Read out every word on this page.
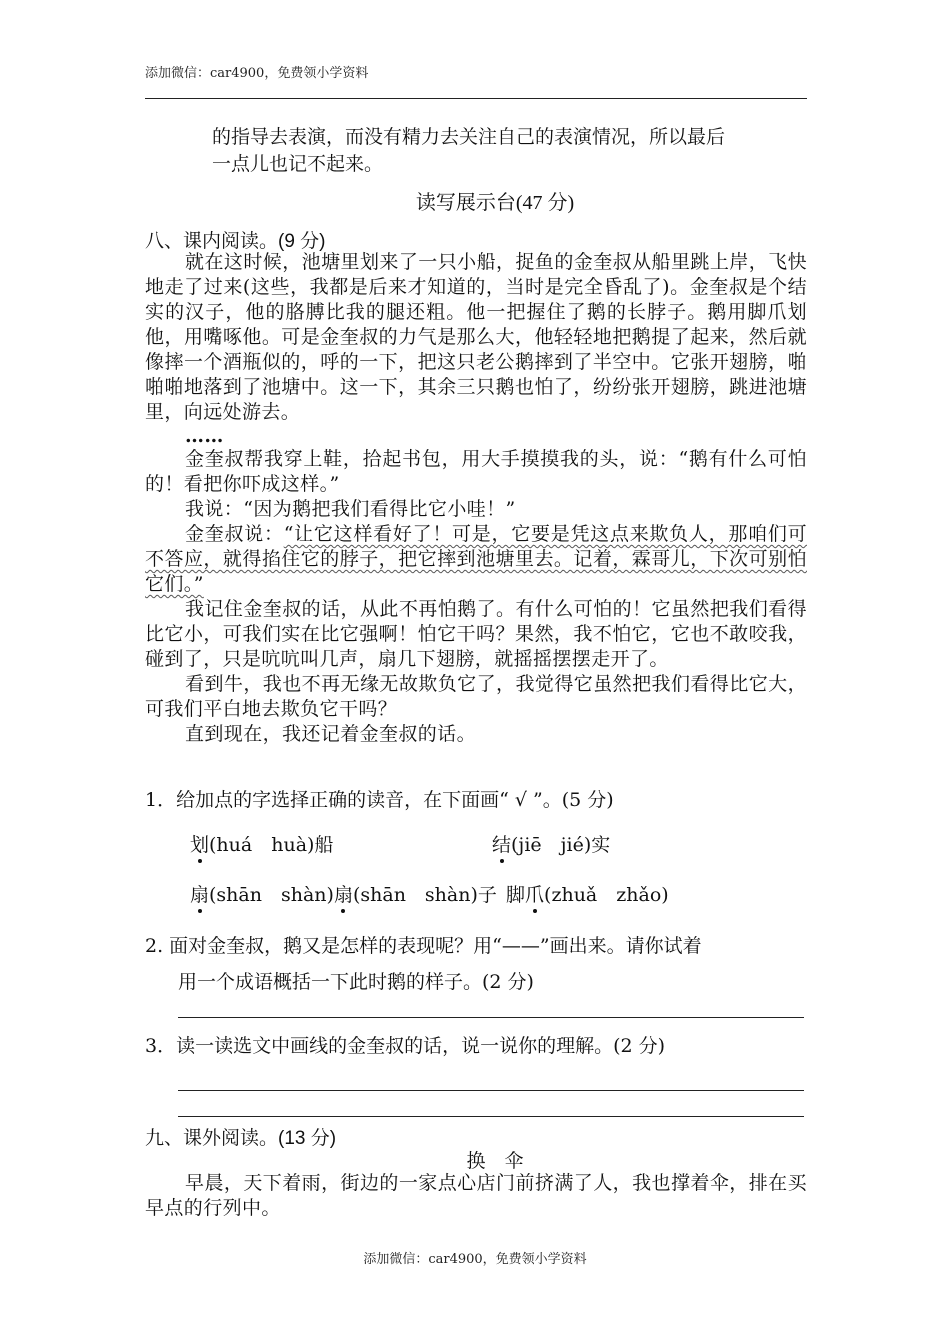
添加微信：car4900，免费领小学资料
的指导去表演，而没有精力去关注自己的表演情况，所以最后
一点儿也记不起来。
读写展示台(47 分)
八、课内阅读。(9 分)

就在这时候，池塘里划来了一只小船，捉鱼的金奎叔从船里跳上岸，飞快地走了过来(这些，我都是后来才知道的，当时是完全昏乱了)。金奎叔是个结实的汉子，他的胳膊比我的腿还粗。他一把握住了鹅的长脖子。鹅用脚爪划他，用嘴啄他。可是金奎叔的力气是那么大，他轻轻地把鹅提了起来，然后就像摔一个酒瓶似的，呼的一下，把这只老公鹅摔到了半空中。它张开翅膀，啪啪啪地落到了池塘中。这一下，其余三只鹅也怕了，纷纷张开翅膀，跳进池塘里，向远处游去。

……

金奎叔帮我穿上鞋，拾起书包，用大手摸摸我的头，说：“鹅有什么可怕的！看把你吓成这样。”

我说：“因为鹅把我们看得比它小哇！”

金奎叔说：“让它这样看好了！可是，它要是凭这点来欺负人，那咱们可不答应，就得掐住它的脖子，把它摔到池塘里去。记着，霖哥儿，下次可别怕它们。”

我记住金奎叔的话，从此不再怕鹅了。有什么可怕的！它虽然把我们看得比它小，可我们实在比它强啊！怕它干吗？果然，我不怕它，它也不敢咬我，碰到了，只是吭吭叫几声，扇几下翅膀，就摇摇摆摆走开了。

看到牛，我也不再无缘无故欺负它了，我觉得它虽然把我们看得比它大，可我们平白地去欺负它干吗？

直到现在，我还记着金奎叔的话。

1．给加点的字选择正确的读音，在下面画“ √ ”。(5 分)
划(huá　huà)船	结(jiē　jié)实
扇(shān　shàn)扇(shān　shàn)子 脚爪(zhuǎ　zhǎo)
2. 面对金奎叔，鹅又是怎样的表现呢？用“——”画出来。请你试着
用一个成语概括一下此时鹅的样子。(2 分)
3．读一读选文中画线的金奎叔的话，说一说你的理解。(2 分)
九、课外阅读。(13 分)
换　伞

早晨，天下着雨，街边的一家点心店门前挤满了人，我也撑着伞，排在买早点的行列中。

添加微信：car4900，免费领小学资料
